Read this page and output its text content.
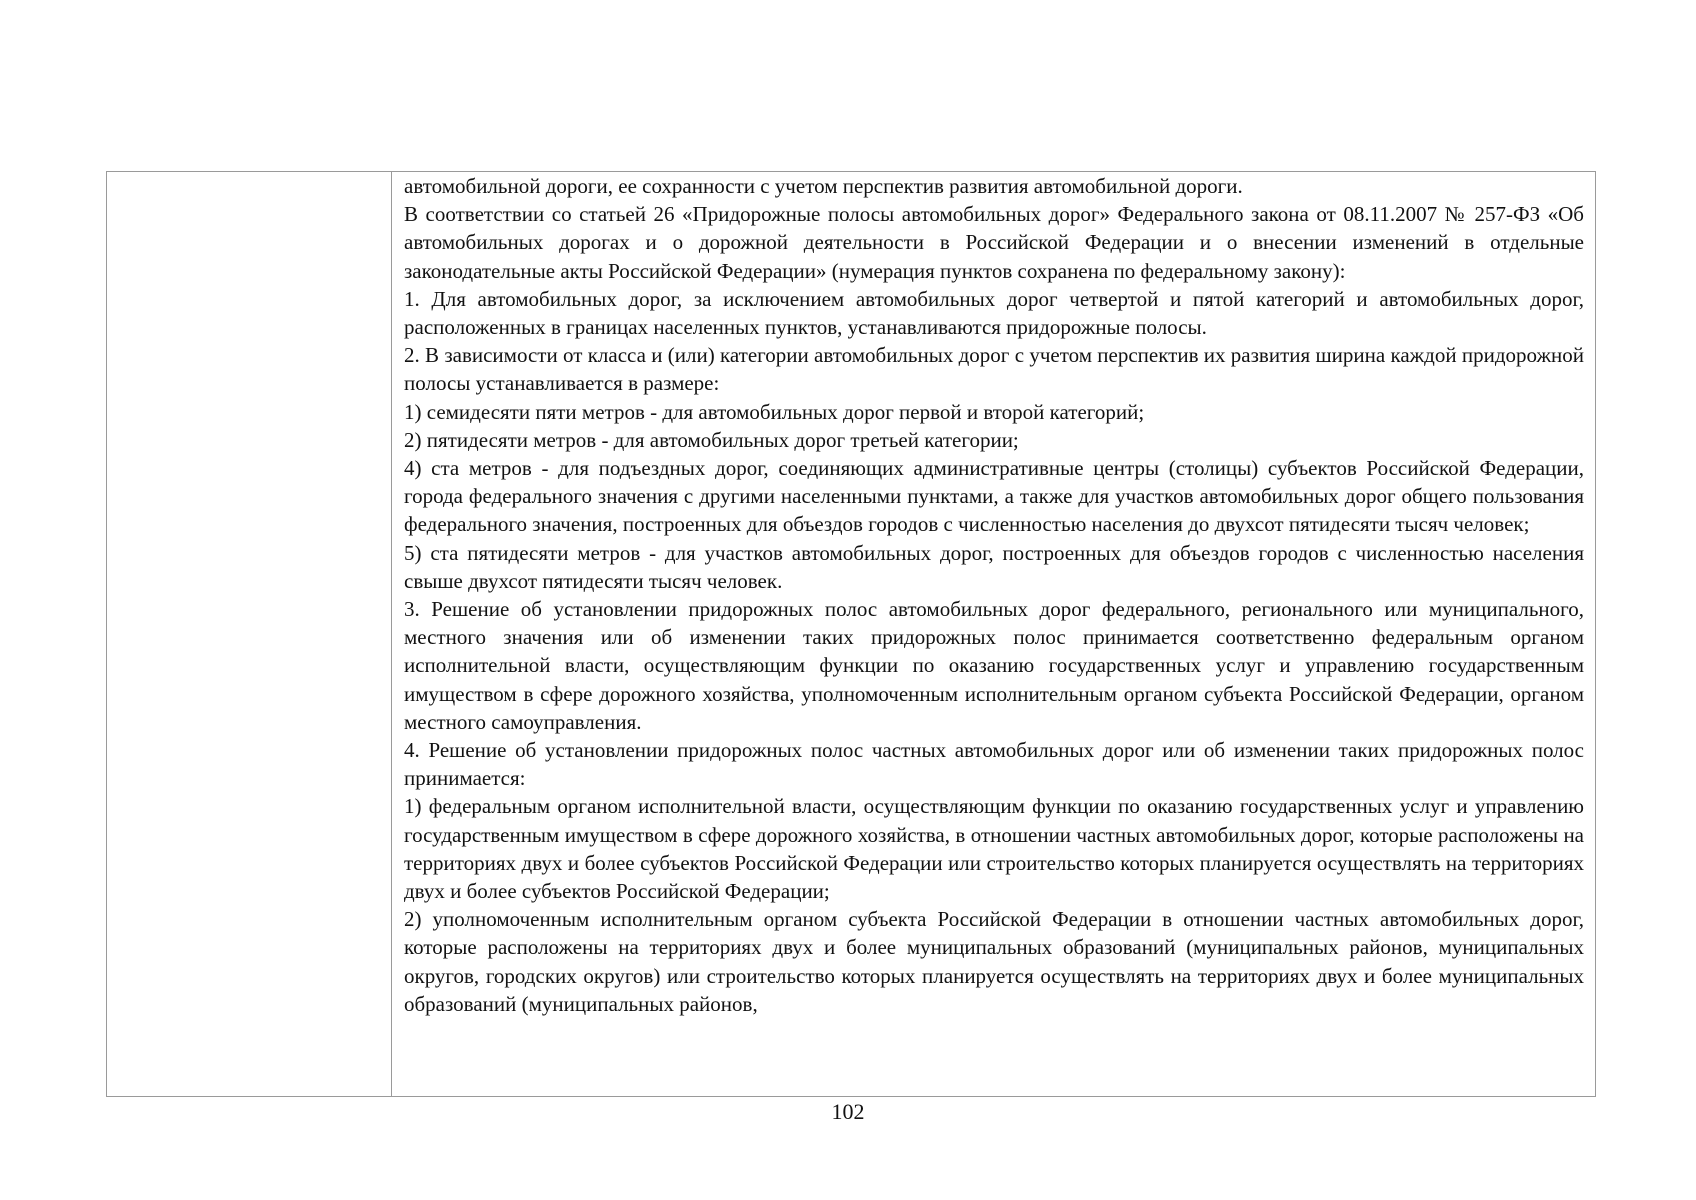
автомобильной дороги, ее сохранности с учетом перспектив развития автомобильной дороги.

В соответствии со статьей 26 «Придорожные полосы автомобильных дорог» Федерального закона от 08.11.2007 № 257-ФЗ «Об автомобильных дорогах и о дорожной деятельности в Российской Федерации и о внесении изменений в отдельные законодательные акты Российской Федерации» (нумерация пунктов сохранена по федеральному закону):

1. Для автомобильных дорог, за исключением автомобильных дорог четвертой и пятой категорий и автомобильных дорог, расположенных в границах населенных пунктов, устанавливаются придорожные полосы.

2. В зависимости от класса и (или) категории автомобильных дорог с учетом перспектив их развития ширина каждой придорожной полосы устанавливается в размере:

1) семидесяти пяти метров - для автомобильных дорог первой и второй категорий;

2) пятидесяти метров - для автомобильных дорог третьей категории;

4) ста метров - для подъездных дорог, соединяющих административные центры (столицы) субъектов Российской Федерации, города федерального значения с другими населенными пунктами, а также для участков автомобильных дорог общего пользования федерального значения, построенных для объездов городов с численностью населения до двухсот пятидесяти тысяч человек;

5) ста пятидесяти метров - для участков автомобильных дорог, построенных для объездов городов с численностью населения свыше двухсот пятидесяти тысяч человек.

3. Решение об установлении придорожных полос автомобильных дорог федерального, регионального или муниципального, местного значения или об изменении таких придорожных полос принимается соответственно федеральным органом исполнительной власти, осуществляющим функции по оказанию государственных услуг и управлению государственным имуществом в сфере дорожного хозяйства, уполномоченным исполнительным органом субъекта Российской Федерации, органом местного самоуправления.

4. Решение об установлении придорожных полос частных автомобильных дорог или об изменении таких придорожных полос принимается:

1) федеральным органом исполнительной власти, осуществляющим функции по оказанию государственных услуг и управлению государственным имуществом в сфере дорожного хозяйства, в отношении частных автомобильных дорог, которые расположены на территориях двух и более субъектов Российской Федерации или строительство которых планируется осуществлять на территориях двух и более субъектов Российской Федерации;

2) уполномоченным исполнительным органом субъекта Российской Федерации в отношении частных автомобильных дорог, которые расположены на территориях двух и более муниципальных образований (муниципальных районов, муниципальных округов, городских округов) или строительство которых планируется осуществлять на территориях двух и более муниципальных образований (муниципальных районов,

102
